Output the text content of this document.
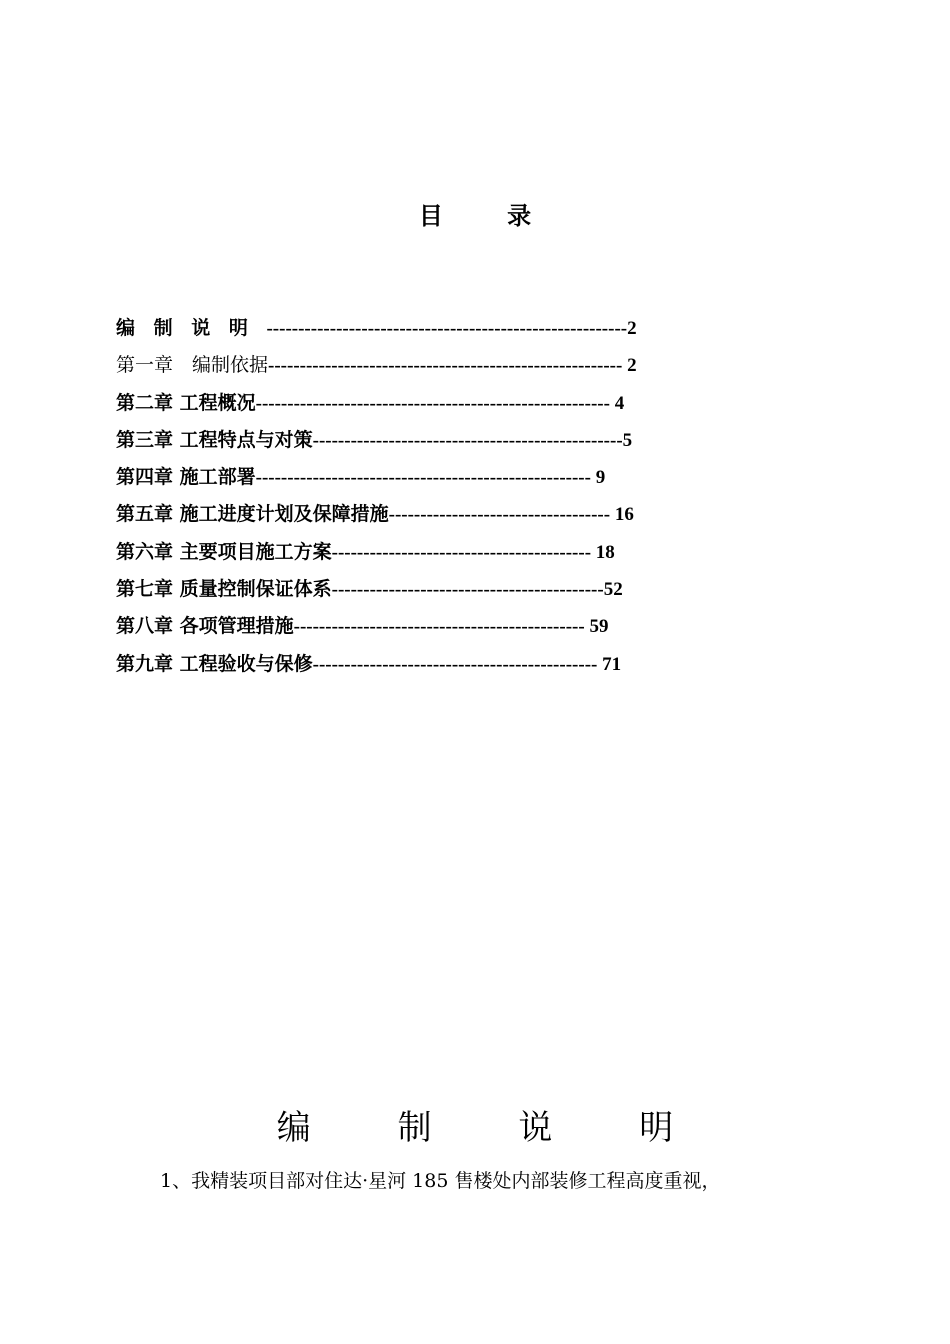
目 录
编 制 说 明 ---------------------------------------------------------2
第一章　编制依据-------------------------------------------------------- 2
第二章 工程概况-------------------------------------------------------- 4
第三章 工程特点与对策-------------------------------------------------5
第四章 施工部署----------------------------------------------------- 9
第五章 施工进度计划及保障措施----------------------------------- 16
第六章 主要项目施工方案----------------------------------------- 18
第七章 质量控制保证体系-------------------------------------------52
第八章 各项管理措施---------------------------------------------- 59
第九章 工程验收与保修--------------------------------------------- 71
编 制 说 明
1、我精装项目部对住达·星河 185 售楼处内部装修工程高度重视，
